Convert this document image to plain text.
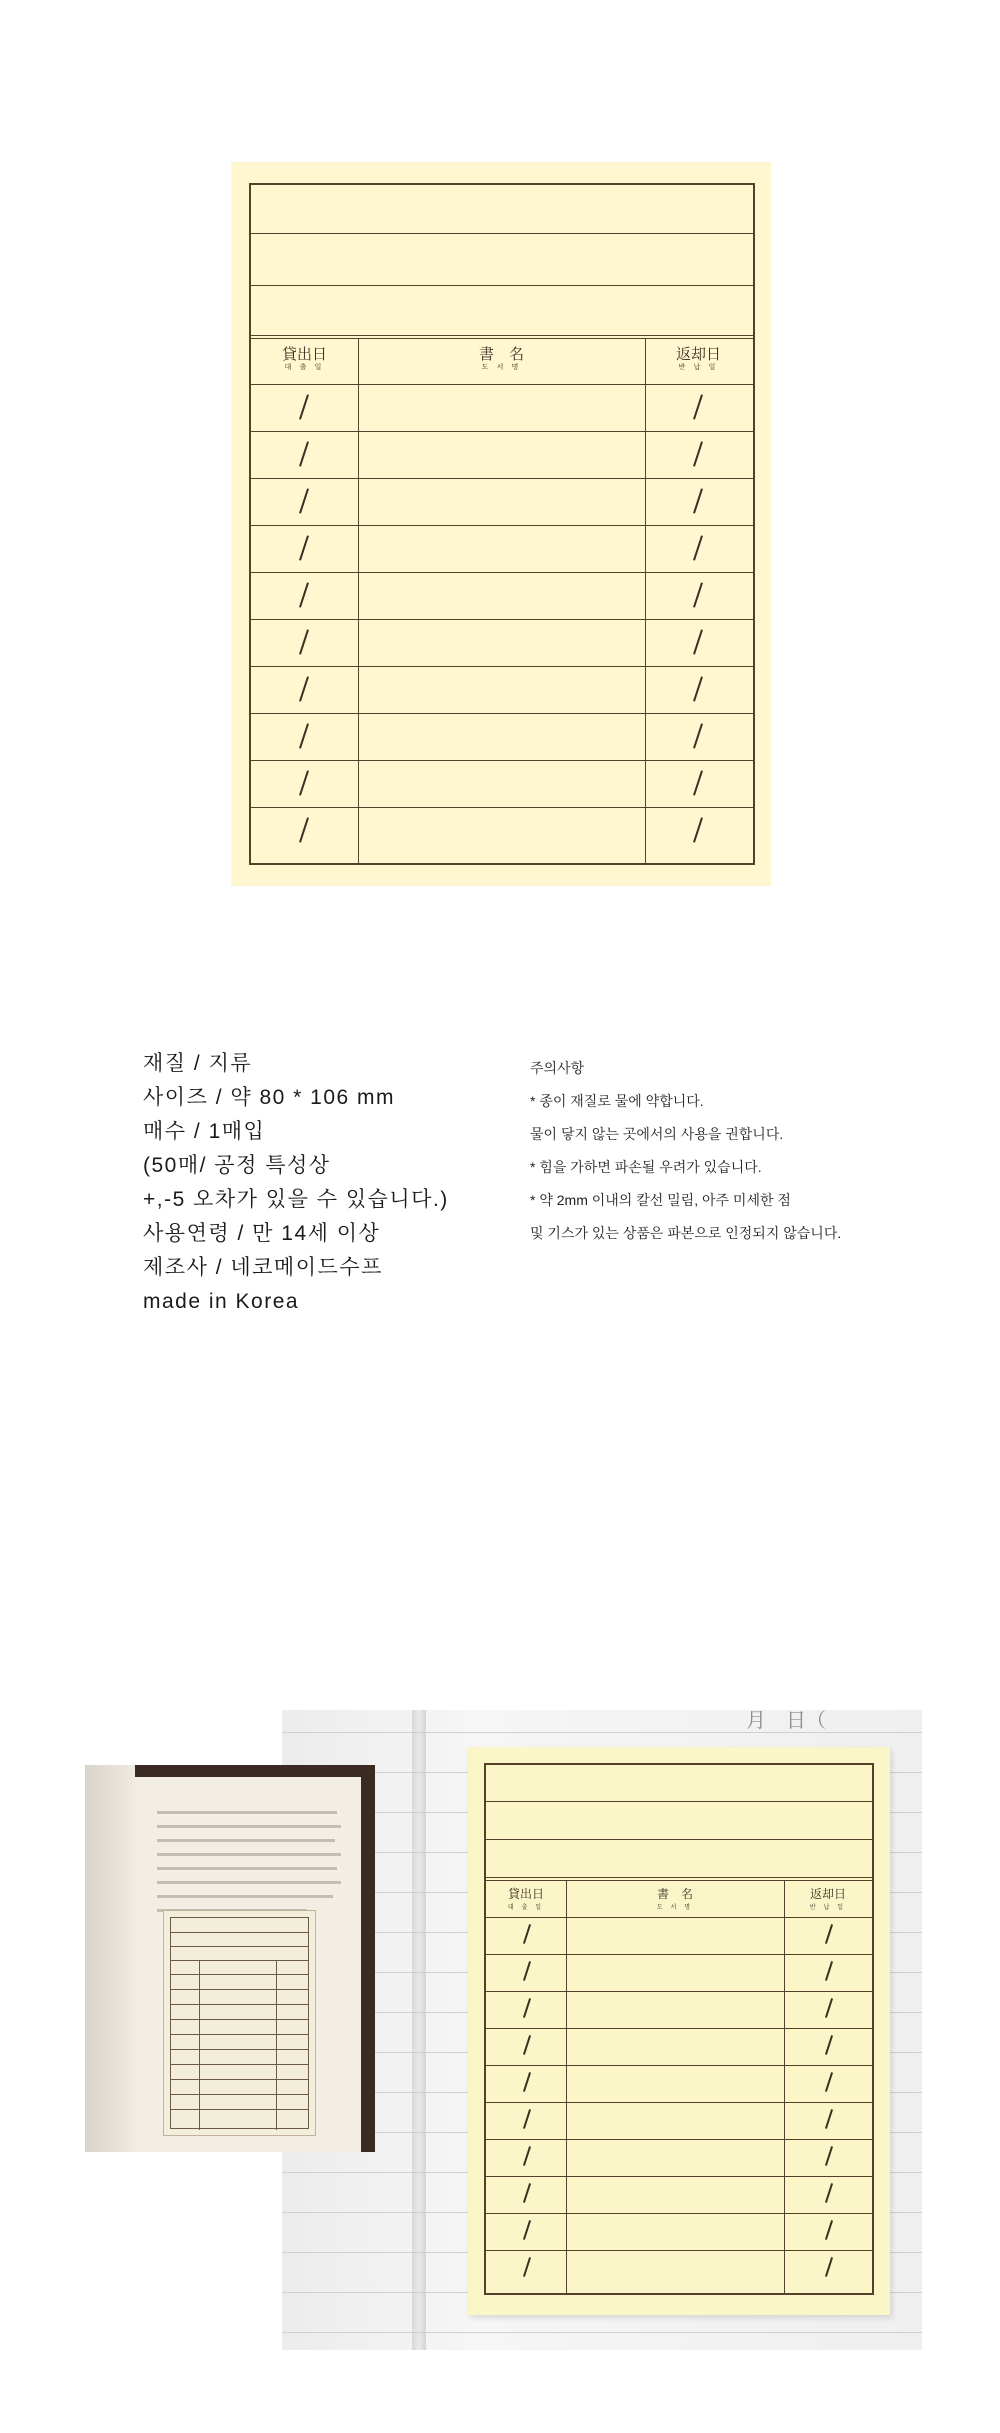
貸出日
대 출 일
書　名
도 서 명
返却日
반 납 일
재질 / 지류
사이즈 / 약 80 * 106 mm
매수 / 1매입
(50매/ 공정 특성상
+,-5 오차가 있을 수 있습니다.)
사용연령 / 만 14세 이상
제조사 / 네코메이드수프
made in Korea
주의사항
* 종이 재질로 물에 약합니다.
물이 닿지 않는 곳에서의 사용을 권합니다.
* 힘을 가하면 파손될 우려가 있습니다.
* 약 2mm 이내의 칼선 밀림, 아주 미세한 점
및 기스가 있는 상품은 파본으로 인정되지 않습니다.
月　日（
貸出日
대 출 일
書　名
도 서 명
返却日
반 납 일
